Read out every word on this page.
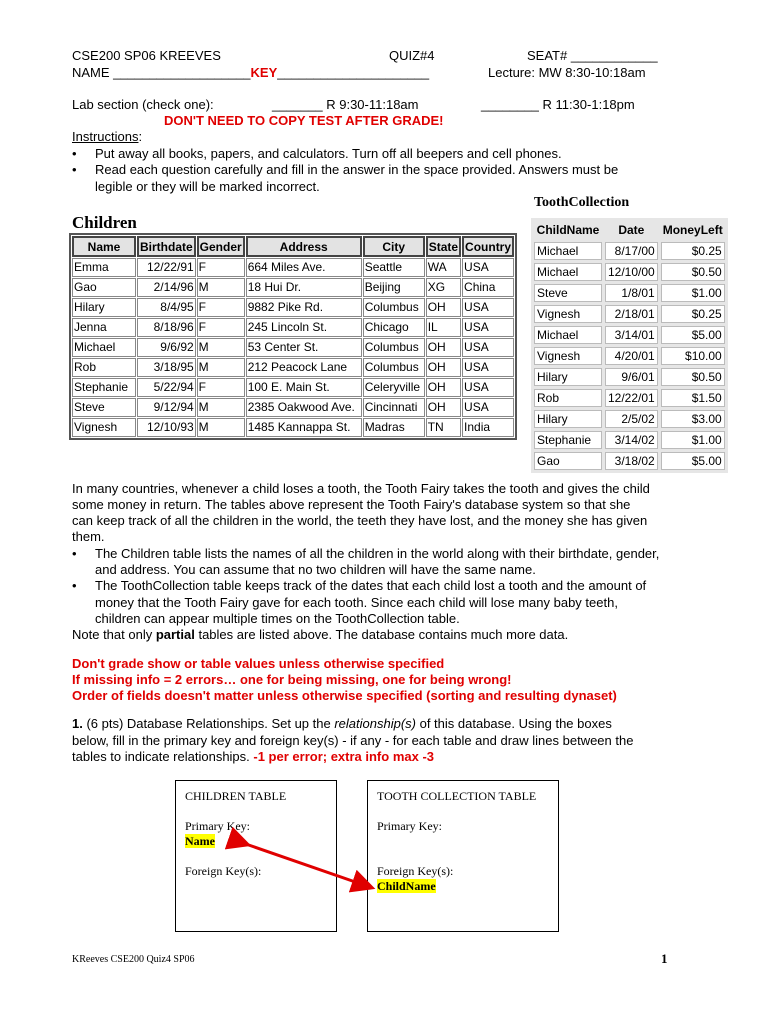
CSE200 SP06 KREEVES	QUIZ#4	SEAT# ____________
NAME ___________________KEY_____________________	Lecture: MW 8:30-10:18am
Lab section (check one):	_______ R 9:30-11:18am	________ R 11:30-1:18pm
DON'T NEED TO COPY TEST AFTER GRADE!
Instructions:
• Put away all books, papers, and calculators. Turn off all beepers and cell phones.
• Read each question carefully and fill in the answer in the space provided. Answers must be
legible or they will be marked incorrect.
ToothCollection
Children
Name	Birthdate	Gender	Address	City	State	Country
Emma	12/22/91	F	664 Miles Ave.	Seattle	WA	USA
Gao	2/14/96	M	18 Hui Dr.	Beijing	XG	China
Hilary	8/4/95	F	9882 Pike Rd.	Columbus	OH	USA
Jenna	8/18/96	F	245 Lincoln St.	Chicago	IL	USA
Michael	9/6/92	M	53 Center St.	Columbus	OH	USA
Rob	3/18/95	M	212 Peacock Lane	Columbus	OH	USA
Stephanie	5/22/94	F	100 E. Main St.	Celeryville	OH	USA
Steve	9/12/94	M	2385 Oakwood Ave.	Cincinnati	OH	USA
Vignesh	12/10/93	M	1485 Kannappa St.	Madras	TN	India
ChildName	Date	MoneyLeft
Michael	8/17/00	$0.25
Michael	12/10/00	$0.50
Steve	1/8/01	$1.00
Vignesh	2/18/01	$0.25
Michael	3/14/01	$5.00
Vignesh	4/20/01	$10.00
Hilary	9/6/01	$0.50
Rob	12/22/01	$1.50
Hilary	2/5/02	$3.00
Stephanie	3/14/02	$1.00
Gao	3/18/02	$5.00
In many countries, whenever a child loses a tooth, the Tooth Fairy takes the tooth and gives the child
some money in return. The tables above represent the Tooth Fairy's database system so that she
can keep track of all the children in the world, the teeth they have lost, and the money she has given
them.
• The Children table lists the names of all the children in the world along with their birthdate, gender,
and address. You can assume that no two children will have the same name.
• The ToothCollection table keeps track of the dates that each child lost a tooth and the amount of
money that the Tooth Fairy gave for each tooth. Since each child will lose many baby teeth,
children can appear multiple times on the ToothCollection table.
Note that only partial tables are listed above. The database contains much more data.
Don't grade show or table values unless otherwise specified
If missing info = 2 errors… one for being missing, one for being wrong!
Order of fields doesn't matter unless otherwise specified (sorting and resulting dynaset)
1. (6 pts) Database Relationships. Set up the relationship(s) of this database. Using the boxes
below, fill in the primary key and foreign key(s) - if any - for each table and draw lines between the
tables to indicate relationships. -1 per error; extra info max -3
CHILDREN TABLE
Primary Key:
Name
Foreign Key(s):
TOOTH COLLECTION TABLE
Primary Key:
Foreign Key(s):
ChildName
KReeves CSE200 Quiz4 SP06	1
